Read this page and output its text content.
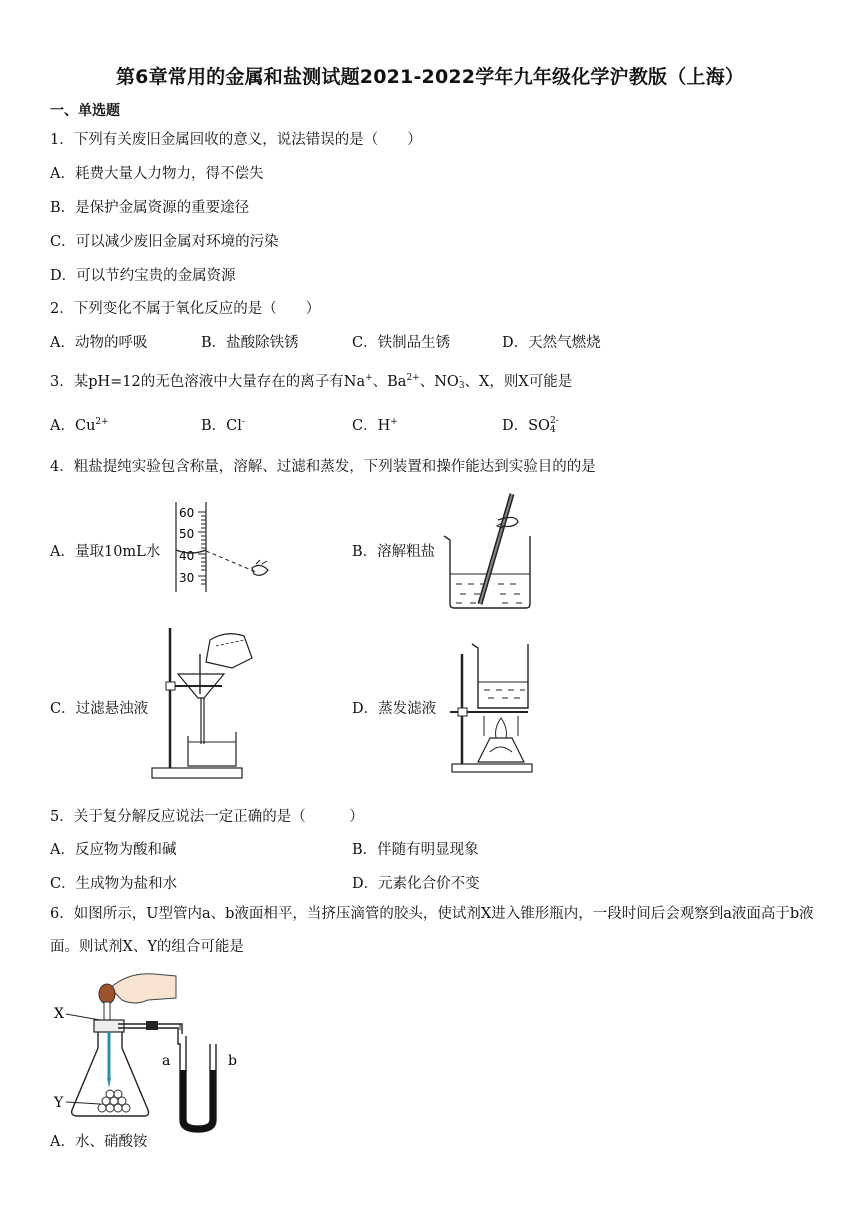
第6章常用的金属和盐测试题2021-2022学年九年级化学沪教版（上海）
一、单选题
1．下列有关废旧金属回收的意义，说法错误的是（　　）
A．耗费大量人力物力，得不偿失
B．是保护金属资源的重要途径
C．可以减少废旧金属对环境的污染
D．可以节约宝贵的金属资源
2．下列变化不属于氧化反应的是（　　）
A．动物的呼吸	B．盐酸除铁锈	C．铁制品生锈	D．天然气燃烧
3．某pH=12的无色溶液中大量存在的离子有Na+、$Ba^{2+}$、NO-
3、X，则X可能是
A．$Cu^{2+}$	B．Cl-	C．H+	D．SO2-
4
4．粗盐提纯实验包含称量，溶解、过滤和蒸发，下列装置和操作能达到实验目的的是
A．量取10mL水	B．溶解粗盐
C．过滤悬浊液	D．蒸发滤液
60
50
40
30
5．关于复分解反应说法一定正确的是（　　　）
A．反应物为酸和碱	B．伴随有明显现象
C．生成物为盐和水	D．元素化合价不变
6．如图所示，U型管内a、b液面相平，当挤压滴管的胶头，使试剂X进入锥形瓶内，一段时间后会观察到a液面高于b液面。则试剂X、Y的组合可能是
X
Y
a	b
A．水、硝酸铵
